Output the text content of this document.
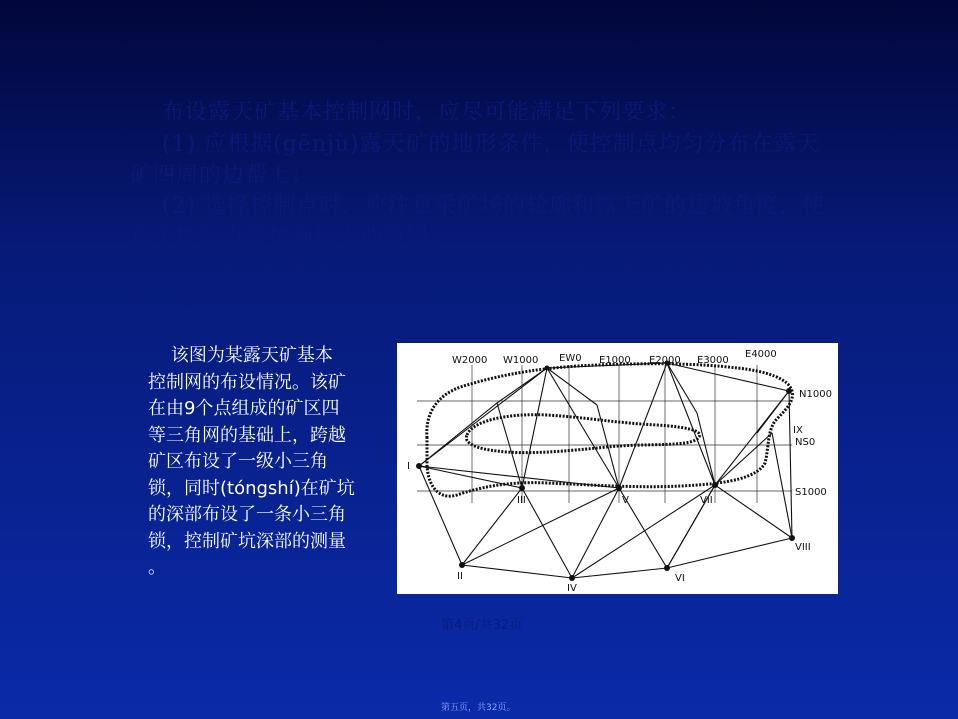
布设露天矿基本控制网时，应尽可能满足下列要求：
(1) 应根据(gēnjù)露天矿的地形条件，使控制点均匀分布在露天矿四周的边帮上；
(2) 选择控制点时，应注意采矿场的轮廓和露天矿的边坡角度，使每个控制点能控制较大的范围；
(3) 布设控制点时，应考虑采矿工作的发展方向和边坡的稳定性，使控制点能长时间的保存。
该图为某露天矿基本
控制网的布设情况。该矿
在由9个点组成的矿区四
等三角网的基础上，跨越
矿区布设了一级小三角
锁，同时(tóngshí)在矿坑
的深部布设了一条小三角
锁，控制矿坑深部的测量
。
W2000 W1000 EW0 E1000 E2000 E3000
E4000
N1000
NS0
S1000
I
II
III
IV
V
VI
VII
VIII
IX
第4页/共32页
第五页，共32页。
